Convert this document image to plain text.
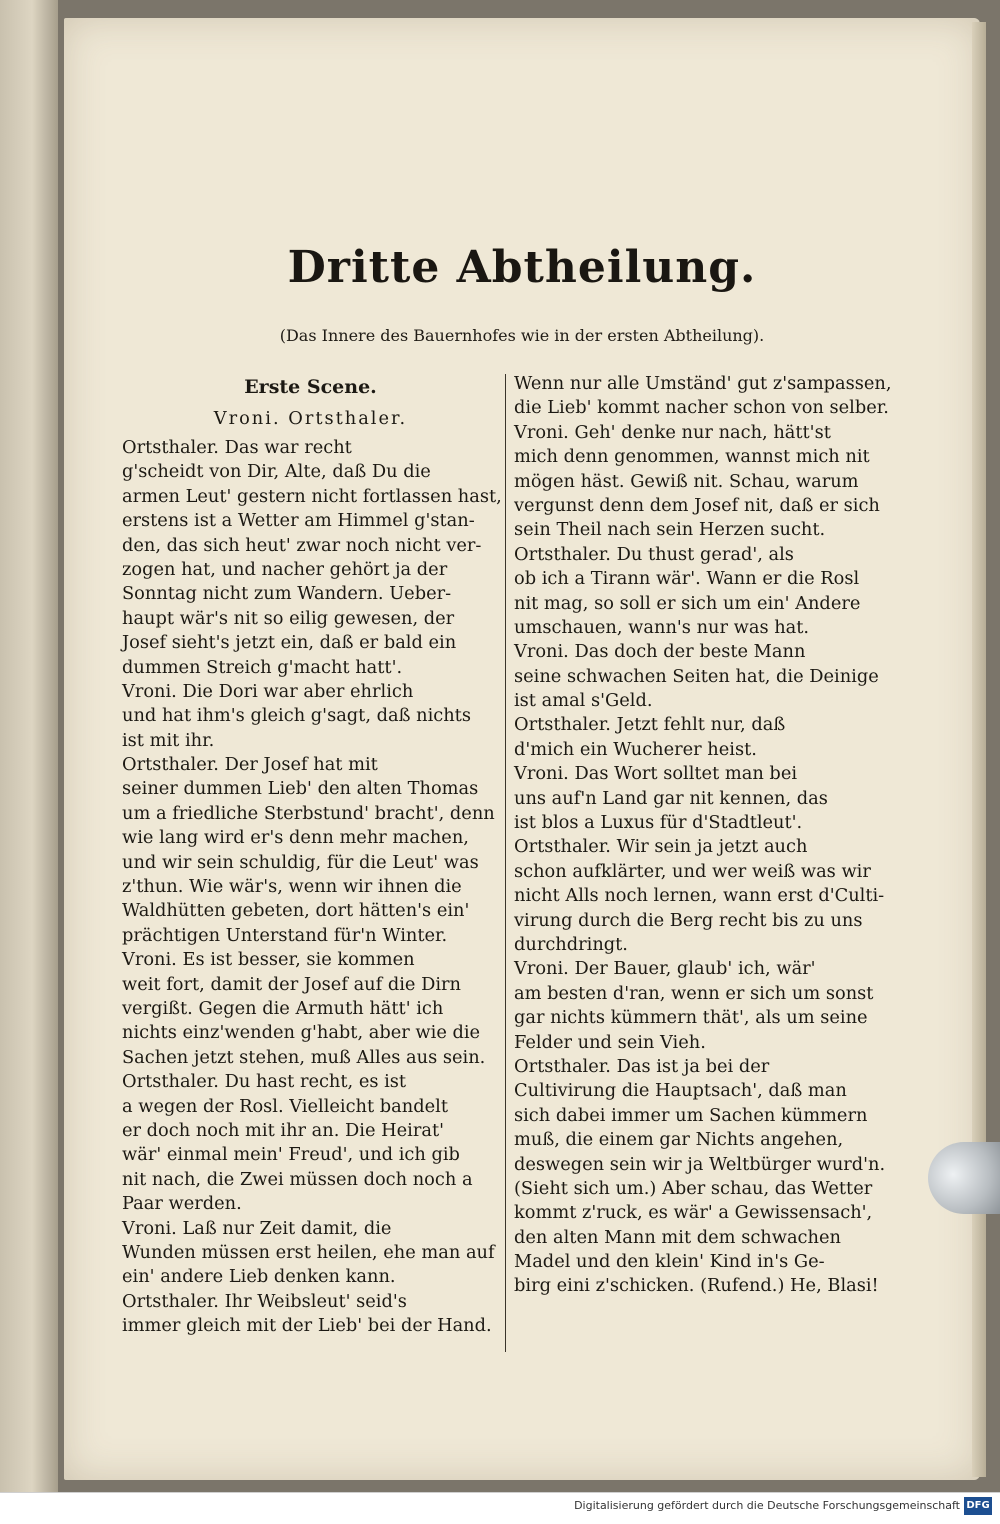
Dritte Abtheilung.
(Das Innere des Bauernhofes wie in der ersten Abtheilung).
Erste Scene.
Vroni. Ortsthaler.
Ortsthaler. Das war recht
g'scheidt von Dir, Alte, daß Du die
armen Leut' gestern nicht fortlassen hast,
erstens ist a Wetter am Himmel g'stan-
den, das sich heut' zwar noch nicht ver-
zogen hat, und nacher gehört ja der
Sonntag nicht zum Wandern. Ueber-
haupt wär's nit so eilig gewesen, der
Josef sieht's jetzt ein, daß er bald ein
dummen Streich g'macht hatt'.
Vroni. Die Dori war aber ehrlich
und hat ihm's gleich g'sagt, daß nichts
ist mit ihr.
Ortsthaler. Der Josef hat mit
seiner dummen Lieb' den alten Thomas
um a friedliche Sterbstund' bracht', denn
wie lang wird er's denn mehr machen,
und wir sein schuldig, für die Leut' was
z'thun. Wie wär's, wenn wir ihnen die
Waldhütten gebeten, dort hätten's ein'
prächtigen Unterstand für'n Winter.
Vroni. Es ist besser, sie kommen
weit fort, damit der Josef auf die Dirn
vergißt. Gegen die Armuth hätt' ich
nichts einz'wenden g'habt, aber wie die
Sachen jetzt stehen, muß Alles aus sein.
Ortsthaler. Du hast recht, es ist
a wegen der Rosl. Vielleicht bandelt
er doch noch mit ihr an. Die Heirat'
wär' einmal mein' Freud', und ich gib
nit nach, die Zwei müssen doch noch a
Paar werden.
Vroni. Laß nur Zeit damit, die
Wunden müssen erst heilen, ehe man auf
ein' andere Lieb denken kann.
Ortsthaler. Ihr Weibsleut' seid's
immer gleich mit der Lieb' bei der Hand.
Wenn nur alle Umständ' gut z'sampassen,
die Lieb' kommt nacher schon von selber.
Vroni. Geh' denke nur nach, hätt'st
mich denn genommen, wannst mich nit
mögen häst. Gewiß nit. Schau, warum
vergunst denn dem Josef nit, daß er sich
sein Theil nach sein Herzen sucht.
Ortsthaler. Du thust gerad', als
ob ich a Tirann wär'. Wann er die Rosl
nit mag, so soll er sich um ein' Andere
umschauen, wann's nur was hat.
Vroni. Das doch der beste Mann
seine schwachen Seiten hat, die Deinige
ist amal s'Geld.
Ortsthaler. Jetzt fehlt nur, daß
d'mich ein Wucherer heist.
Vroni. Das Wort solltet man bei
uns auf'n Land gar nit kennen, das
ist blos a Luxus für d'Stadtleut'.
Ortsthaler. Wir sein ja jetzt auch
schon aufklärter, und wer weiß was wir
nicht Alls noch lernen, wann erst d'Culti-
virung durch die Berg recht bis zu uns
durchdringt.
Vroni. Der Bauer, glaub' ich, wär'
am besten d'ran, wenn er sich um sonst
gar nichts kümmern thät', als um seine
Felder und sein Vieh.
Ortsthaler. Das ist ja bei der
Cultivirung die Hauptsach', daß man
sich dabei immer um Sachen kümmern
muß, die einem gar Nichts angehen,
deswegen sein wir ja Weltbürger wurd'n.
(Sieht sich um.) Aber schau, das Wetter
kommt z'ruck, es wär' a Gewissensach',
den alten Mann mit dem schwachen
Madel und den klein' Kind in's Ge-
birg eini z'schicken. (Rufend.) He, Blasi!
Digitalisierung gefördert durch die Deutsche Forschungsgemeinschaft DFG
